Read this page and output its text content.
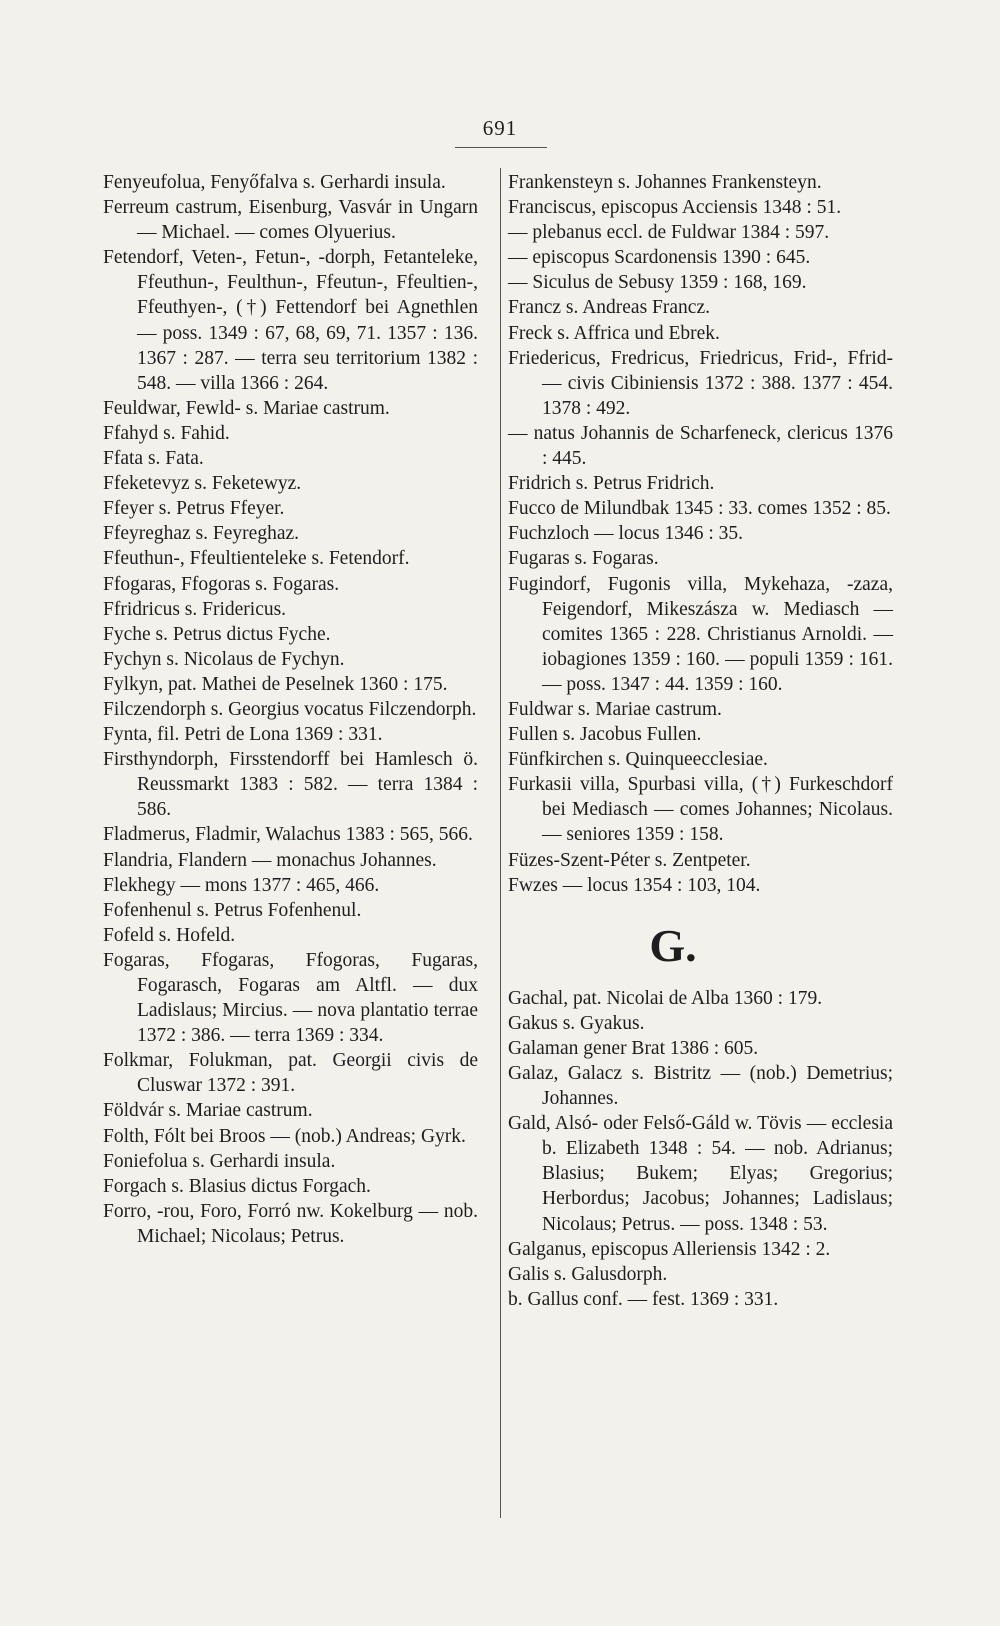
691

Fenyeufolua, Fenyőfalva s. Gerhardi insula.

Ferreum castrum, Eisenburg, Vasvár in Ungarn — Michael. — comes Olyuerius.

Fetendorf, Veten-, Fetun-, -dorph, Fetanteleke, Ffeuthun-, Feulthun-, Ffeutun-, Ffeultien-, Ffeuthyen-, (†) Fettendorf bei Agnethlen — poss. 1349 : 67, 68, 69, 71. 1357 : 136. 1367 : 287. — terra seu territorium 1382 : 548. — villa 1366 : 264.

Feuldwar, Fewld- s. Mariae castrum.

Ffahyd s. Fahid.

Ffata s. Fata.

Ffeketevyz s. Feketewyz.

Ffeyer s. Petrus Ffeyer.

Ffeyreghaz s. Feyreghaz.

Ffeuthun-, Ffeultienteleke s. Fetendorf.

Ffogaras, Ffogoras s. Fogaras.

Ffridricus s. Fridericus.

Fyche s. Petrus dictus Fyche.

Fychyn s. Nicolaus de Fychyn.

Fylkyn, pat. Mathei de Peselnek 1360 : 175.

Filczendorph s. Georgius vocatus Filczendorph.

Fynta, fil. Petri de Lona 1369 : 331.

Firsthyndorph, Firsstendorff bei Hamlesch ö. Reussmarkt 1383 : 582. — terra 1384 : 586.

Fladmerus, Fladmir, Walachus 1383 : 565, 566.

Flandria, Flandern — monachus Johannes.

Flekhegy — mons 1377 : 465, 466.

Fofenhenul s. Petrus Fofenhenul.

Fofeld s. Hofeld.

Fogaras, Ffogaras, Ffogoras, Fugaras, Fogarasch, Fogaras am Altfl. — dux Ladislaus; Mircius. — nova plantatio terrae 1372 : 386. — terra 1369 : 334.

Folkmar, Folukman, pat. Georgii civis de Cluswar 1372 : 391.

Földvár s. Mariae castrum.

Folth, Fólt bei Broos — (nob.) Andreas; Gyrk.

Foniefolua s. Gerhardi insula.

Forgach s. Blasius dictus Forgach.

Forro, -rou, Foro, Forró nw. Kokelburg — nob. Michael; Nicolaus; Petrus.

Frankensteyn s. Johannes Frankensteyn.

Franciscus, episcopus Acciensis 1348 : 51.

— plebanus eccl. de Fuldwar 1384 : 597.

— episcopus Scardonensis 1390 : 645.

— Siculus de Sebusy 1359 : 168, 169.

Francz s. Andreas Francz.

Freck s. Affrica und Ebrek.

Friedericus, Fredricus, Friedricus, Frid-, Ffrid- — civis Cibiniensis 1372 : 388. 1377 : 454. 1378 : 492.

— natus Johannis de Scharfeneck, clericus 1376 : 445.

Fridrich s. Petrus Fridrich.

Fucco de Milundbak 1345 : 33. comes 1352 : 85.

Fuchzloch — locus 1346 : 35.

Fugaras s. Fogaras.

Fugindorf, Fugonis villa, Mykehaza, -zaza, Feigendorf, Mikeszásza w. Mediasch — comites 1365 : 228. Christianus Arnoldi. — iobagiones 1359 : 160. — populi 1359 : 161. — poss. 1347 : 44. 1359 : 160.

Fuldwar s. Mariae castrum.

Fullen s. Jacobus Fullen.

Fünfkirchen s. Quinqueecclesiae.

Furkasii villa, Spurbasi villa, (†) Furkeschdorf bei Mediasch — comes Johannes; Nicolaus. — seniores 1359 : 158.

Füzes-Szent-Péter s. Zentpeter.

Fwzes — locus 1354 : 103, 104.

G.

Gachal, pat. Nicolai de Alba 1360 : 179.

Gakus s. Gyakus.

Galaman gener Brat 1386 : 605.

Galaz, Galacz s. Bistritz — (nob.) Demetrius; Johannes.

Gald, Alsó- oder Felső-Gáld w. Tövis — ecclesia b. Elizabeth 1348 : 54. — nob. Adrianus; Blasius; Bukem; Elyas; Gregorius; Herbordus; Jacobus; Johannes; Ladislaus; Nicolaus; Petrus. — poss. 1348 : 53.

Galganus, episcopus Alleriensis 1342 : 2.

Galis s. Galusdorph.

b. Gallus conf. — fest. 1369 : 331.
